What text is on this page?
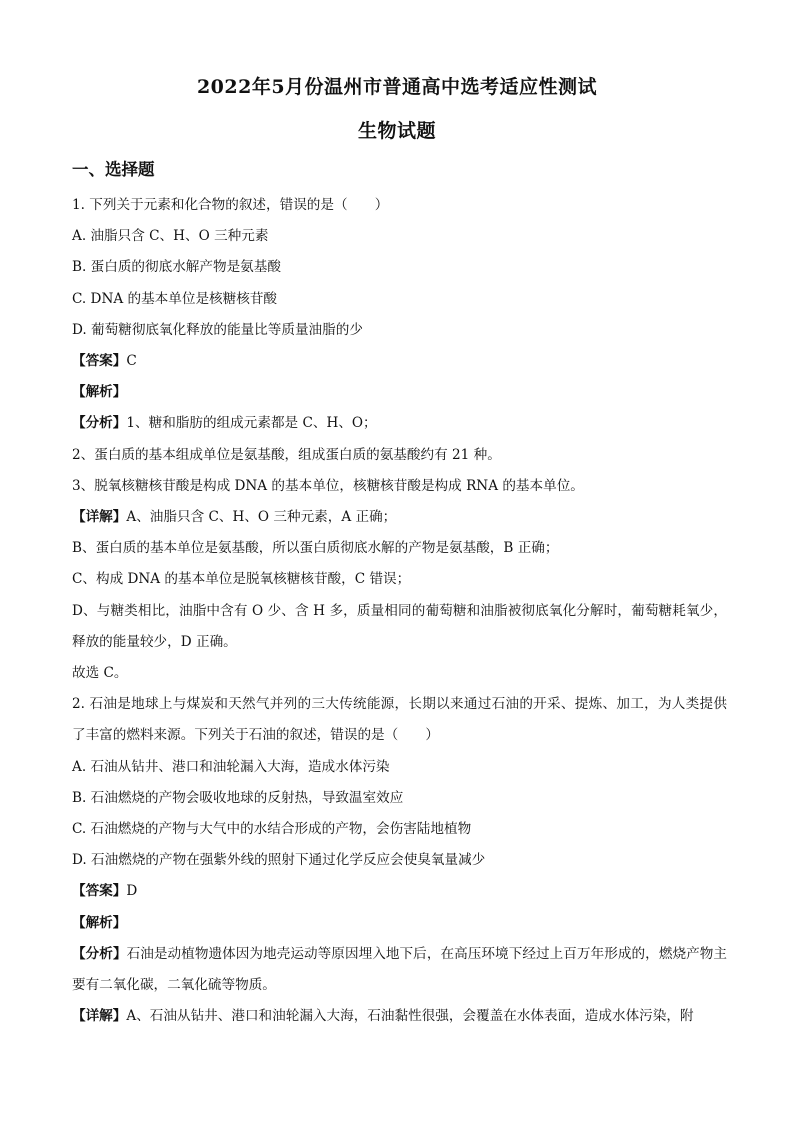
2022年5月份温州市普通高中选考适应性测试
生物试题
一、选择题
1. 下列关于元素和化合物的叙述，错误的是（　　）
A. 油脂只含 C、H、O 三种元素
B. 蛋白质的彻底水解产物是氨基酸
C. DNA 的基本单位是核糖核苷酸
D. 葡萄糖彻底氧化释放的能量比等质量油脂的少
【答案】C
【解析】
【分析】1、糖和脂肪的组成元素都是 C、H、O；
2、蛋白质的基本组成单位是氨基酸，组成蛋白质的氨基酸约有 21 种。
3、脱氧核糖核苷酸是构成 DNA 的基本单位，核糖核苷酸是构成 RNA 的基本单位。
【详解】A、油脂只含 C、H、O 三种元素，A 正确；
B、蛋白质的基本单位是氨基酸，所以蛋白质彻底水解的产物是氨基酸，B 正确；
C、构成 DNA 的基本单位是脱氧核糖核苷酸，C 错误；
D、与糖类相比，油脂中含有 O 少、含 H 多，质量相同的葡萄糖和油脂被彻底氧化分解时，葡萄糖耗氧少，释放的能量较少，D 正确。
故选 C。
2. 石油是地球上与煤炭和天然气并列的三大传统能源，长期以来通过石油的开采、提炼、加工，为人类提供了丰富的燃料来源。下列关于石油的叙述，错误的是（　　）
A. 石油从钻井、港口和油轮漏入大海，造成水体污染
B. 石油燃烧的产物会吸收地球的反射热，导致温室效应
C. 石油燃烧的产物与大气中的水结合形成的产物，会伤害陆地植物
D. 石油燃烧的产物在强紫外线的照射下通过化学反应会使臭氧量减少
【答案】D
【解析】
【分析】石油是动植物遗体因为地壳运动等原因埋入地下后，在高压环境下经过上百万年形成的，燃烧产物主要有二氧化碳，二氧化硫等物质。
【详解】A、石油从钻井、港口和油轮漏入大海，石油黏性很强，会覆盖在水体表面，造成水体污染，附
